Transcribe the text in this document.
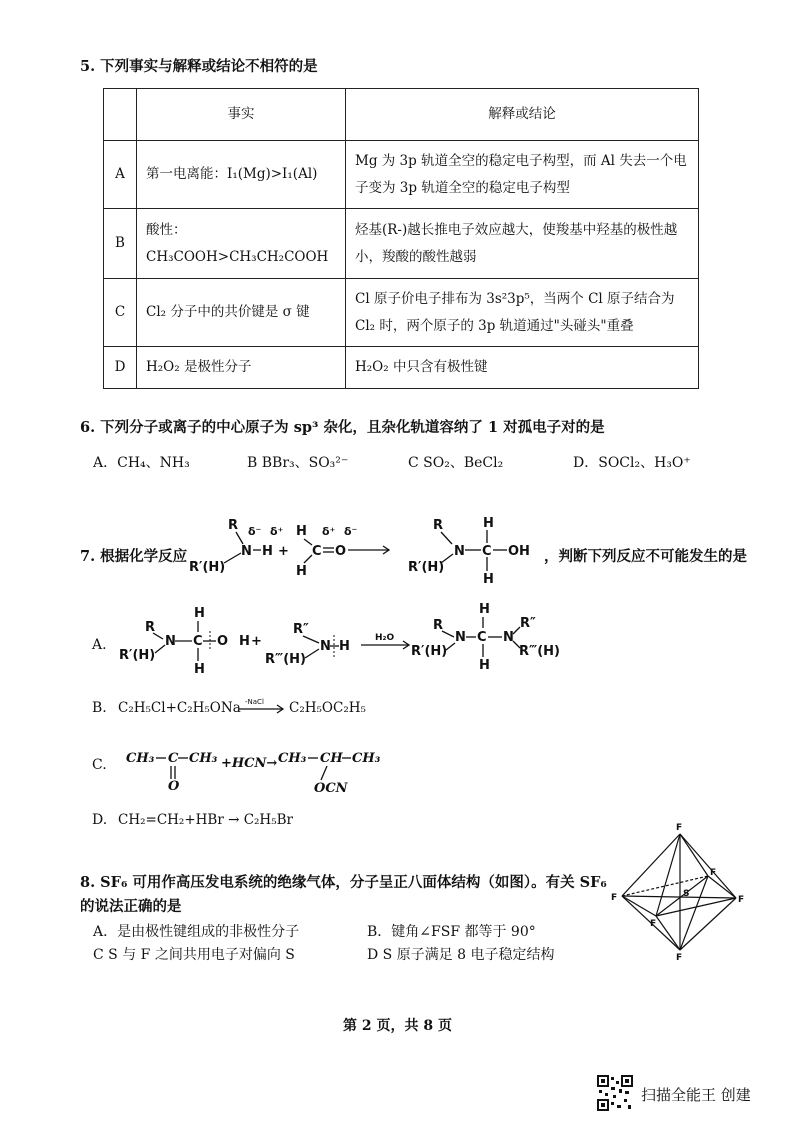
5. 下列事实与解释或结论不相符的是
	事实	解释或结论
A	第一电离能：I₁(Mg)>I₁(Al)	Mg 为 3p 轨道全空的稳定电子构型，而 Al 失去一个电子变为 3p 轨道全空的稳定电子构型
B	酸性：CH₃COOH>CH₃CH₂COOH	烃基(R-)越长推电子效应越大，使羧基中羟基的极性越小，羧酸的酸性越弱
C	Cl₂ 分子中的共价键是 σ 键	Cl 原子价电子排布为 3s²3p⁵，当两个 Cl 原子结合为 Cl₂ 时，两个原子的 3p 轨道通过"头碰头"重叠
D	H₂O₂ 是极性分子	H₂O₂ 中只含有极性键
6. 下列分子或离子的中心原子为 sp³ 杂化，且杂化轨道容纳了 1 对孤电子对的是
A．CH₄、NH₃	B BBr₃、SO₃²⁻	C SO₂、BeCl₂	D．SOCl₂、H₃O⁺
7. 根据化学反应
R
R′(H)
N H
δ⁻ δ⁺
+
H
H
C O
δ⁺ δ⁻	R
R′(H)
N C
H
H
OH ，判断下列反应不可能发生的是
A.
R
R′(H)
N C
H
H
O H +
R″
R‴(H)
N H
H₂O
R
R′(H)
N C
H
H
N
R″
R‴(H)
B. C₂H₅Cl+C₂H₅ONa -NaCl C₂H₅OC₂H₅
C. CH₃ C CH₃
O
+HCN→ CH₃ CH CH₃
OCN
D. CH₂=CH₂+HBr → C₂H₅Br
8. SF₆ 可用作高压发电系统的绝缘气体，分子呈正八面体结构（如图）。有关 SF₆
的说法正确的是
A．是由极性键组成的非极性分子	B．键角∠FSF 都等于 90°
C S 与 F 之间共用电子对偏向 S	D S 原子满足 8 电子稳定结构
F
F	F
F
F
F
S
第 2 页，共 8 页
扫描全能王 创建
